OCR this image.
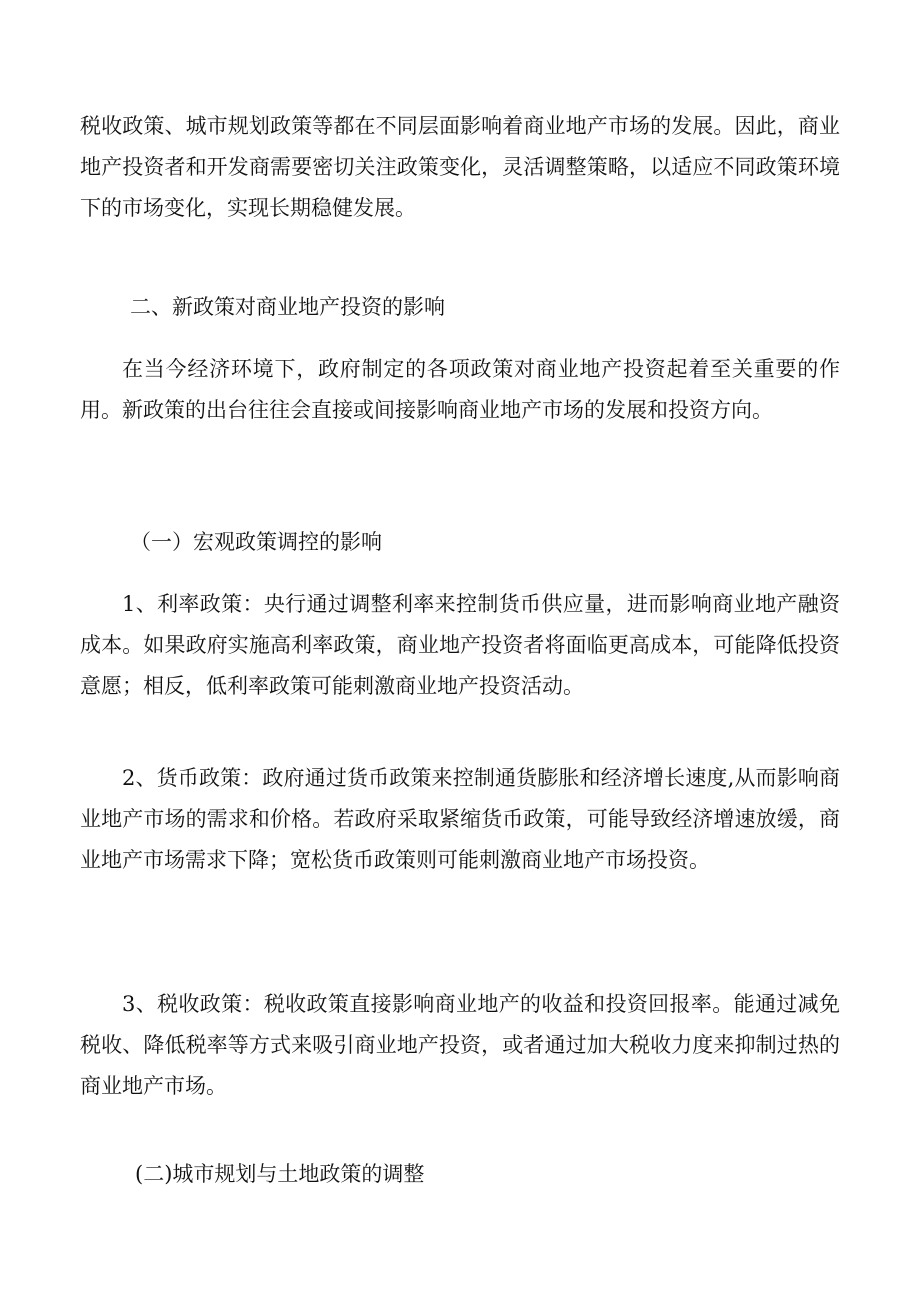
税收政策、城市规划政策等都在不同层面影响着商业地产市场的发展。因此，商业地产投资者和开发商需要密切关注政策变化，灵活调整策略，以适应不同政策环境下的市场变化，实现长期稳健发展。

二、新政策对商业地产投资的影响

在当今经济环境下，政府制定的各项政策对商业地产投资起着至关重要的作用。新政策的出台往往会直接或间接影响商业地产市场的发展和投资方向。

（一）宏观政策调控的影响

1、利率政策：央行通过调整利率来控制货币供应量，进而影响商业地产融资成本。如果政府实施高利率政策，商业地产投资者将面临更高成本，可能降低投资意愿；相反，低利率政策可能刺激商业地产投资活动。

2、货币政策：政府通过货币政策来控制通货膨胀和经济增长速度,从而影响商业地产市场的需求和价格。若政府采取紧缩货币政策，可能导致经济增速放缓，商业地产市场需求下降；宽松货币政策则可能刺激商业地产市场投资。

3、税收政策：税收政策直接影响商业地产的收益和投资回报率。能通过减免税收、降低税率等方式来吸引商业地产投资，或者通过加大税收力度来抑制过热的商业地产市场。

(二)城市规划与土地政策的调整
